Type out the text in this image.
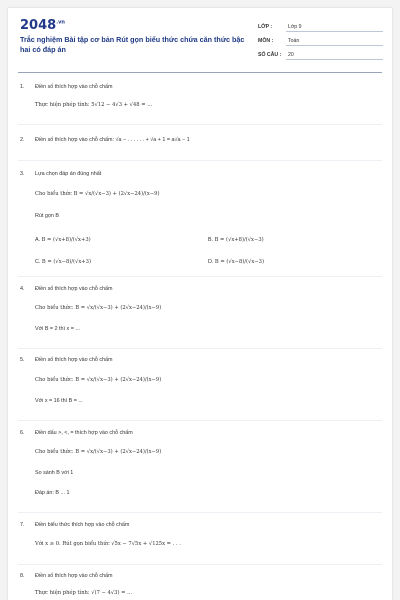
$2048^{.vn}$
Trắc nghiệm Bài tập cơ bản Rút gọn biểu thức chứa căn thức bậc hai có đáp án
LỚP :	Lớp 9
MÔN :	Toán
SỐ CÂU : 20
1. Điền số thích hợp vào chỗ chấm
Thực hiện phép tính: 5√12 − 4√3 + √48 = ...
2. Điền số thích hợp vào chỗ chấm: √a − . . . . . . + √a + 1 = a√a − 1
3. Lựa chọn đáp án đúng nhất
Cho biểu thức B = √x/(√x−3) + (2√x−24)/(x−9)
Rút gọn B
A. B = (√x+8)/(√x+3)	B. B = (√x+8)/(√x−3)
C. B = (√x−8)/(√x+3)	D. B = (√x−8)/(√x−3)
4. Điền số thích hợp vào chỗ chấm
Cho biểu thức: B = √x/(√x−3) + (2√x−24)/(x−9)
Với B = 2 thì x = ...
5. Điền số thích hợp vào chỗ chấm
Cho biểu thức: B = √x/(√x−3) + (2√x−24)/(x−9)
Với x = 16 thì B = ...
6. Điền dấu >, <, = thích hợp vào chỗ chấm
Cho biểu thức: B = √x/(√x−3) + (2√x−24)/(x−9)
So sánh B với 1
Đáp án: B ... 1
7. Điền biểu thức thích hợp vào chỗ chấm
Với x ≥ 0. Rút gọn biểu thức √5x − 7√5x + √125x = . . .
8. Điền số thích hợp vào chỗ chấm
Thực hiện phép tính: √(7 − 4√3) = ...
